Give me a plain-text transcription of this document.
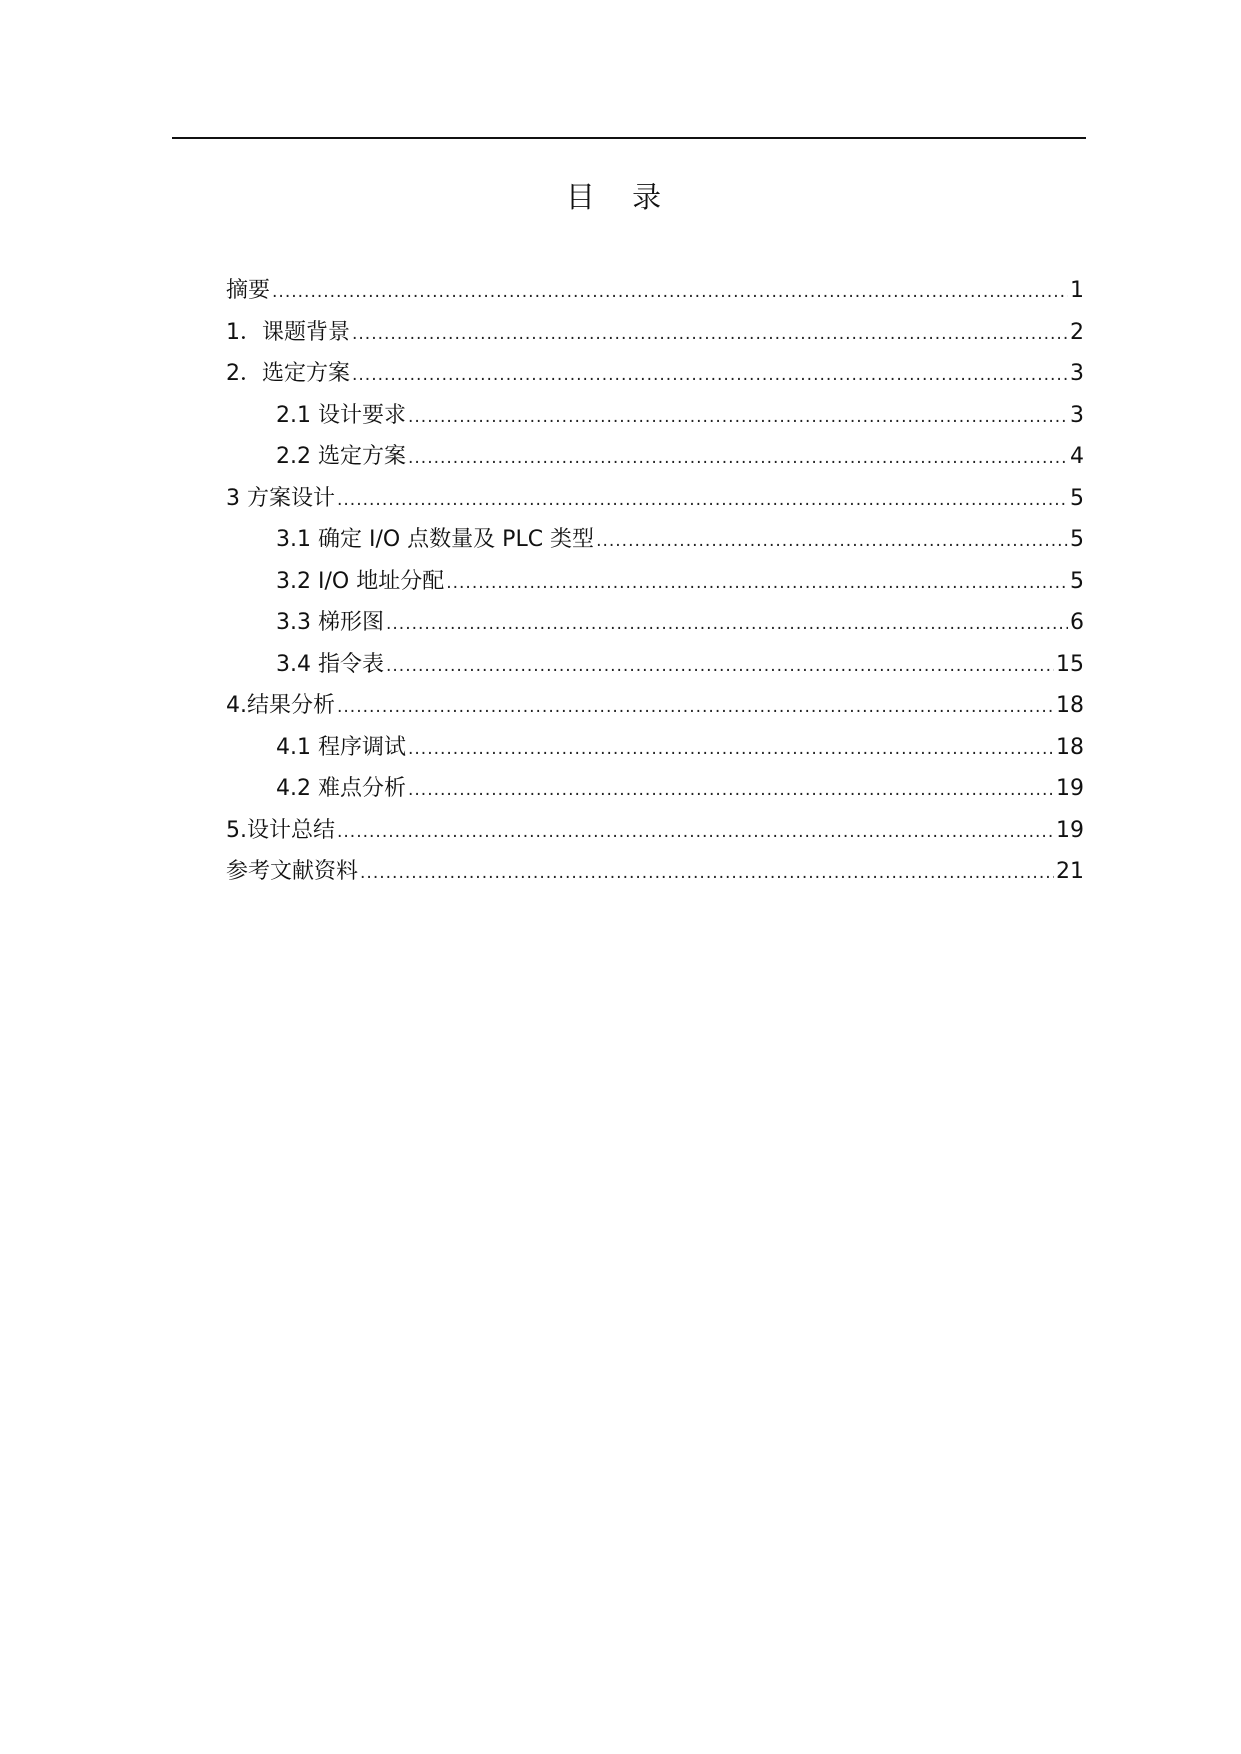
目 录
摘要 .....	1
1．课题背景 .....	2
2．选定方案 .....	3
2.1 设计要求 .....	3
2.2 选定方案 .....	4
3 方案设计 .....	5
3.1 确定 I/O 点数量及 PLC 类型 .....	5
3.2 I/O 地址分配 .....	5
3.3 梯形图 .....	6
3.4 指令表 .....	15
4.结果分析 .....	18
4.1 程序调试 .....	18
4.2 难点分析 .....	19
5.设计总结 .....	19
参考文献资料 .....	21
